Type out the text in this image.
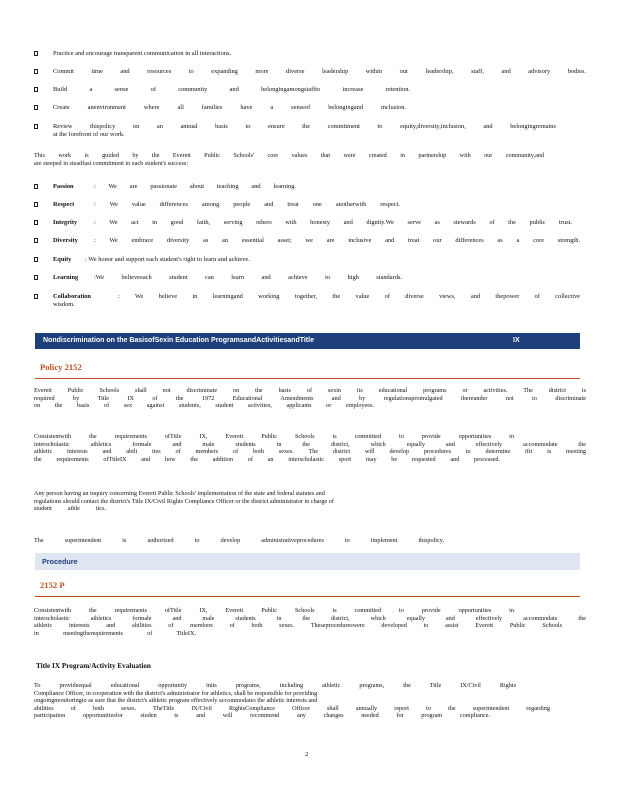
Practice and encourage transparent communication in all interactions.
Commit time and resources to expanding more diverse leadership within our leadership, staff, and advisory bodies.
Build a sense of community and belongingamongstaffto increase retention.
Create anenvironment where all families have a senseof belongingand inclusion.
Review thispolicy on an annual basis to ensure the commitment to equity,diversity,inclusion, and belongingremains
at the forefront of our work.
This work is guided by the Everett Public Schools' core values that were created in partnership with our community,and
are steeped in steadfast commitment to each student's success:
Passion	: We are passionate about teaching and learning.
Respect	: We value differences among people and treat one anotherwith respect.
Integrity	: We act in good faith, serving others with honesty and dignity.We serve as stewards of the public trust.
Diversity	: We embrace diversity as an essential asset; we are inclusive and treat our differences as a core strength.
Equity : We honor and support each student's right to learn and achieve.
Learning :We believeeach student can learn and achieve to high standards.
Collaboration	: We believe in learningand working together, the value of diverse views, and thepower of collective
wisdom.
Nondiscrimination on the BasisofSexin Education ProgramsandActivitiesandTitle	IX
Policy 2152
Everett Public Schools shall not discriminate on the basis of sexin its educational programs or activities. The district is
required by Title IX of the 1972 Educational Amendments and by regulationspromulgated thereunder not to discriminate
on the basis of sex against students, student activities, applicants or employees.
Consistentwith the requirements ofTitle IX, Everett Public Schools is committed to provide opportunities in
interscholastic athletics formale and male students in the district, which equally and effectively accommodate the
athletic interests and abili ties of members of both sexes. The district will develop procedures to determine ifit is meeting
the requirements ofTitleIX and how the addition of an interscholastic sport may be requested and processed.
Any person having an inquiry concerning Everett Public Schools' implementation of the state and federal statutes and
regulations should contact the district's Title IX/Civil Rights Compliance Officer or the district administrator in charge of
student athle tics.
The superintendent is authorized to develop administrativeprocedures to implement thispolicy.
Procedure
2152 P
Consistentwith the requirements ofTitle IX, Everett Public Schools is committed to provide opportunities in
interscholastic athletics formale and male students in the district, which equally and effectively accommodate the
athletic interests and abilities of members of both sexes. Theseprocedureswere developed to assist Everett Public Schools
in meetingtherequirements of TitleIX.
Title IX Program/Activity Evaluation
To provideequal educational opportunity inits programs, including athletic programs, the Title IX/Civil Rights
Compliance Officer, in cooperation with the district's administrator for athletics, shall be responsible for providing
ongoingmonitoringto as sure that the district's athletic program effectively accommodates the athletic interests and
abilities of both sexes. TheTitle IX/Civil RightsCompliance Officer shall annually report to the superintendent regarding
participation opportunitiesfor studen ts and will recommend any changes needed for program compliance.
2
